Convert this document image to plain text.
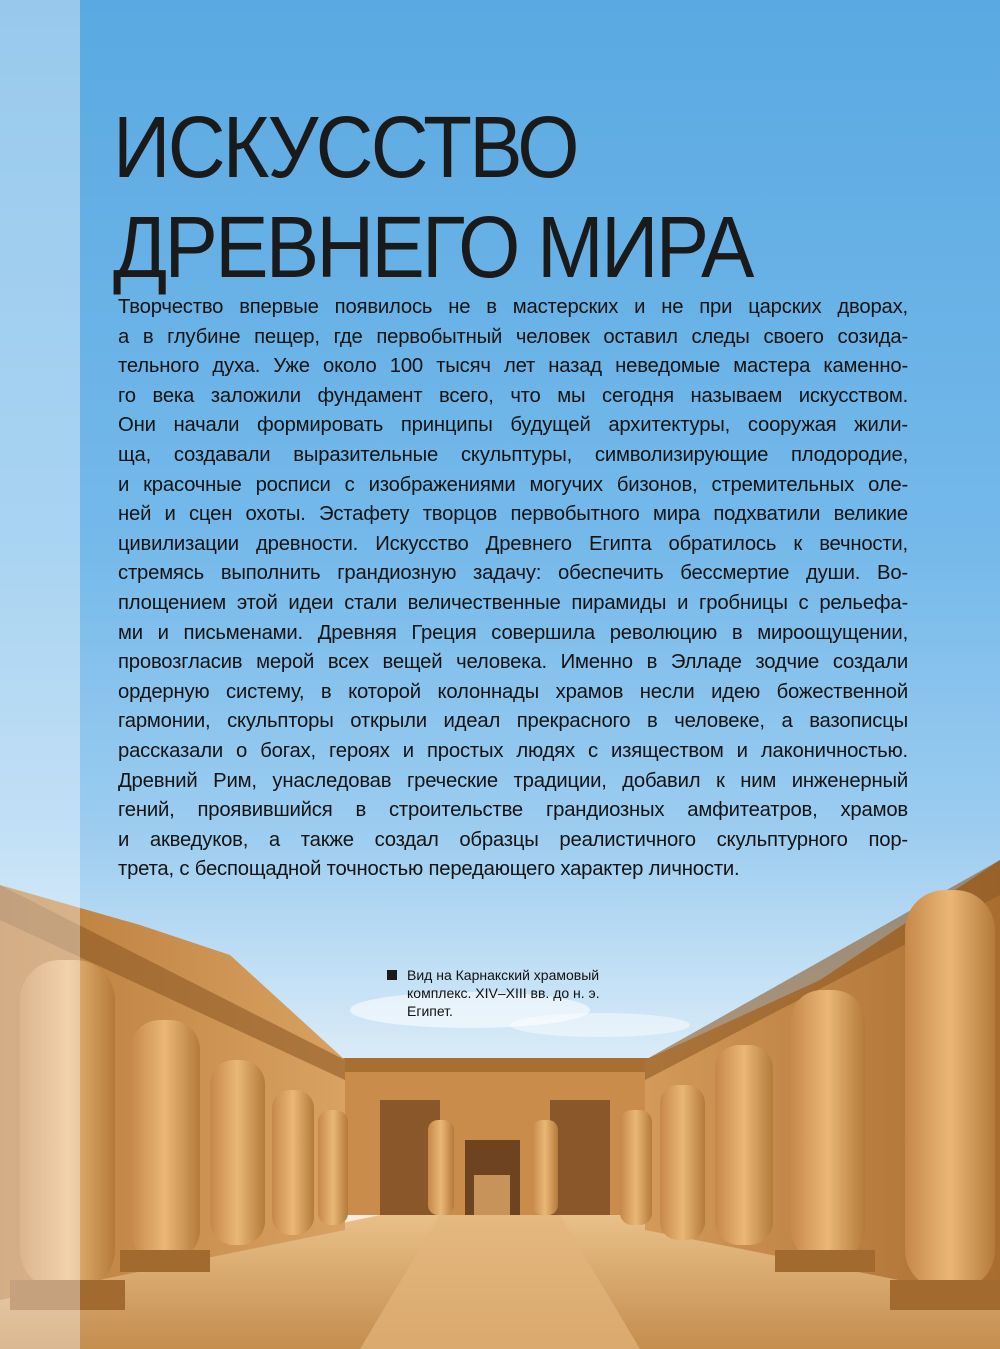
ИСКУССТВО
ДРЕВНЕГО МИРА

Творчество впервые появилось не в мастерских и не при царских дворах,
а в глубине пещер, где первобытный человек оставил следы своего созида-
тельного духа. Уже около 100 тысяч лет назад неведомые мастера каменно-
го века заложили фундамент всего, что мы сегодня называем искусством.
Они начали формировать принципы будущей архитектуры, сооружая жили-
ща, создавали выразительные скульптуры, символизирующие плодородие,
и красочные росписи с изображениями могучих бизонов, стремительных оле-
ней и сцен охоты. Эстафету творцов первобытного мира подхватили великие
цивилизации древности. Искусство Древнего Египта обратилось к вечности,
стремясь выполнить грандиозную задачу: обеспечить бессмертие души. Во-
площением этой идеи стали величественные пирамиды и гробницы с рельефа-
ми и письменами. Древняя Греция совершила революцию в мироощущении,
провозгласив мерой всех вещей человека. Именно в Элладе зодчие создали
ордерную систему, в которой колоннады храмов несли идею божественной
гармонии, скульпторы открыли идеал прекрасного в человеке, а вазописцы
рассказали о богах, героях и простых людях с изяществом и лаконичностью.
Древний Рим, унаследовав греческие традиции, добавил к ним инженерный
гений, проявившийся в строительстве грандиозных амфитеатров, храмов
и акведуков, а также создал образцы реалистичного скульптурного пор-
трета, с беспощадной точностью передающего характер личности.

Вид на Карнакский храмовый
комплекс. XIV–XIII вв. до н. э.
Египет.
